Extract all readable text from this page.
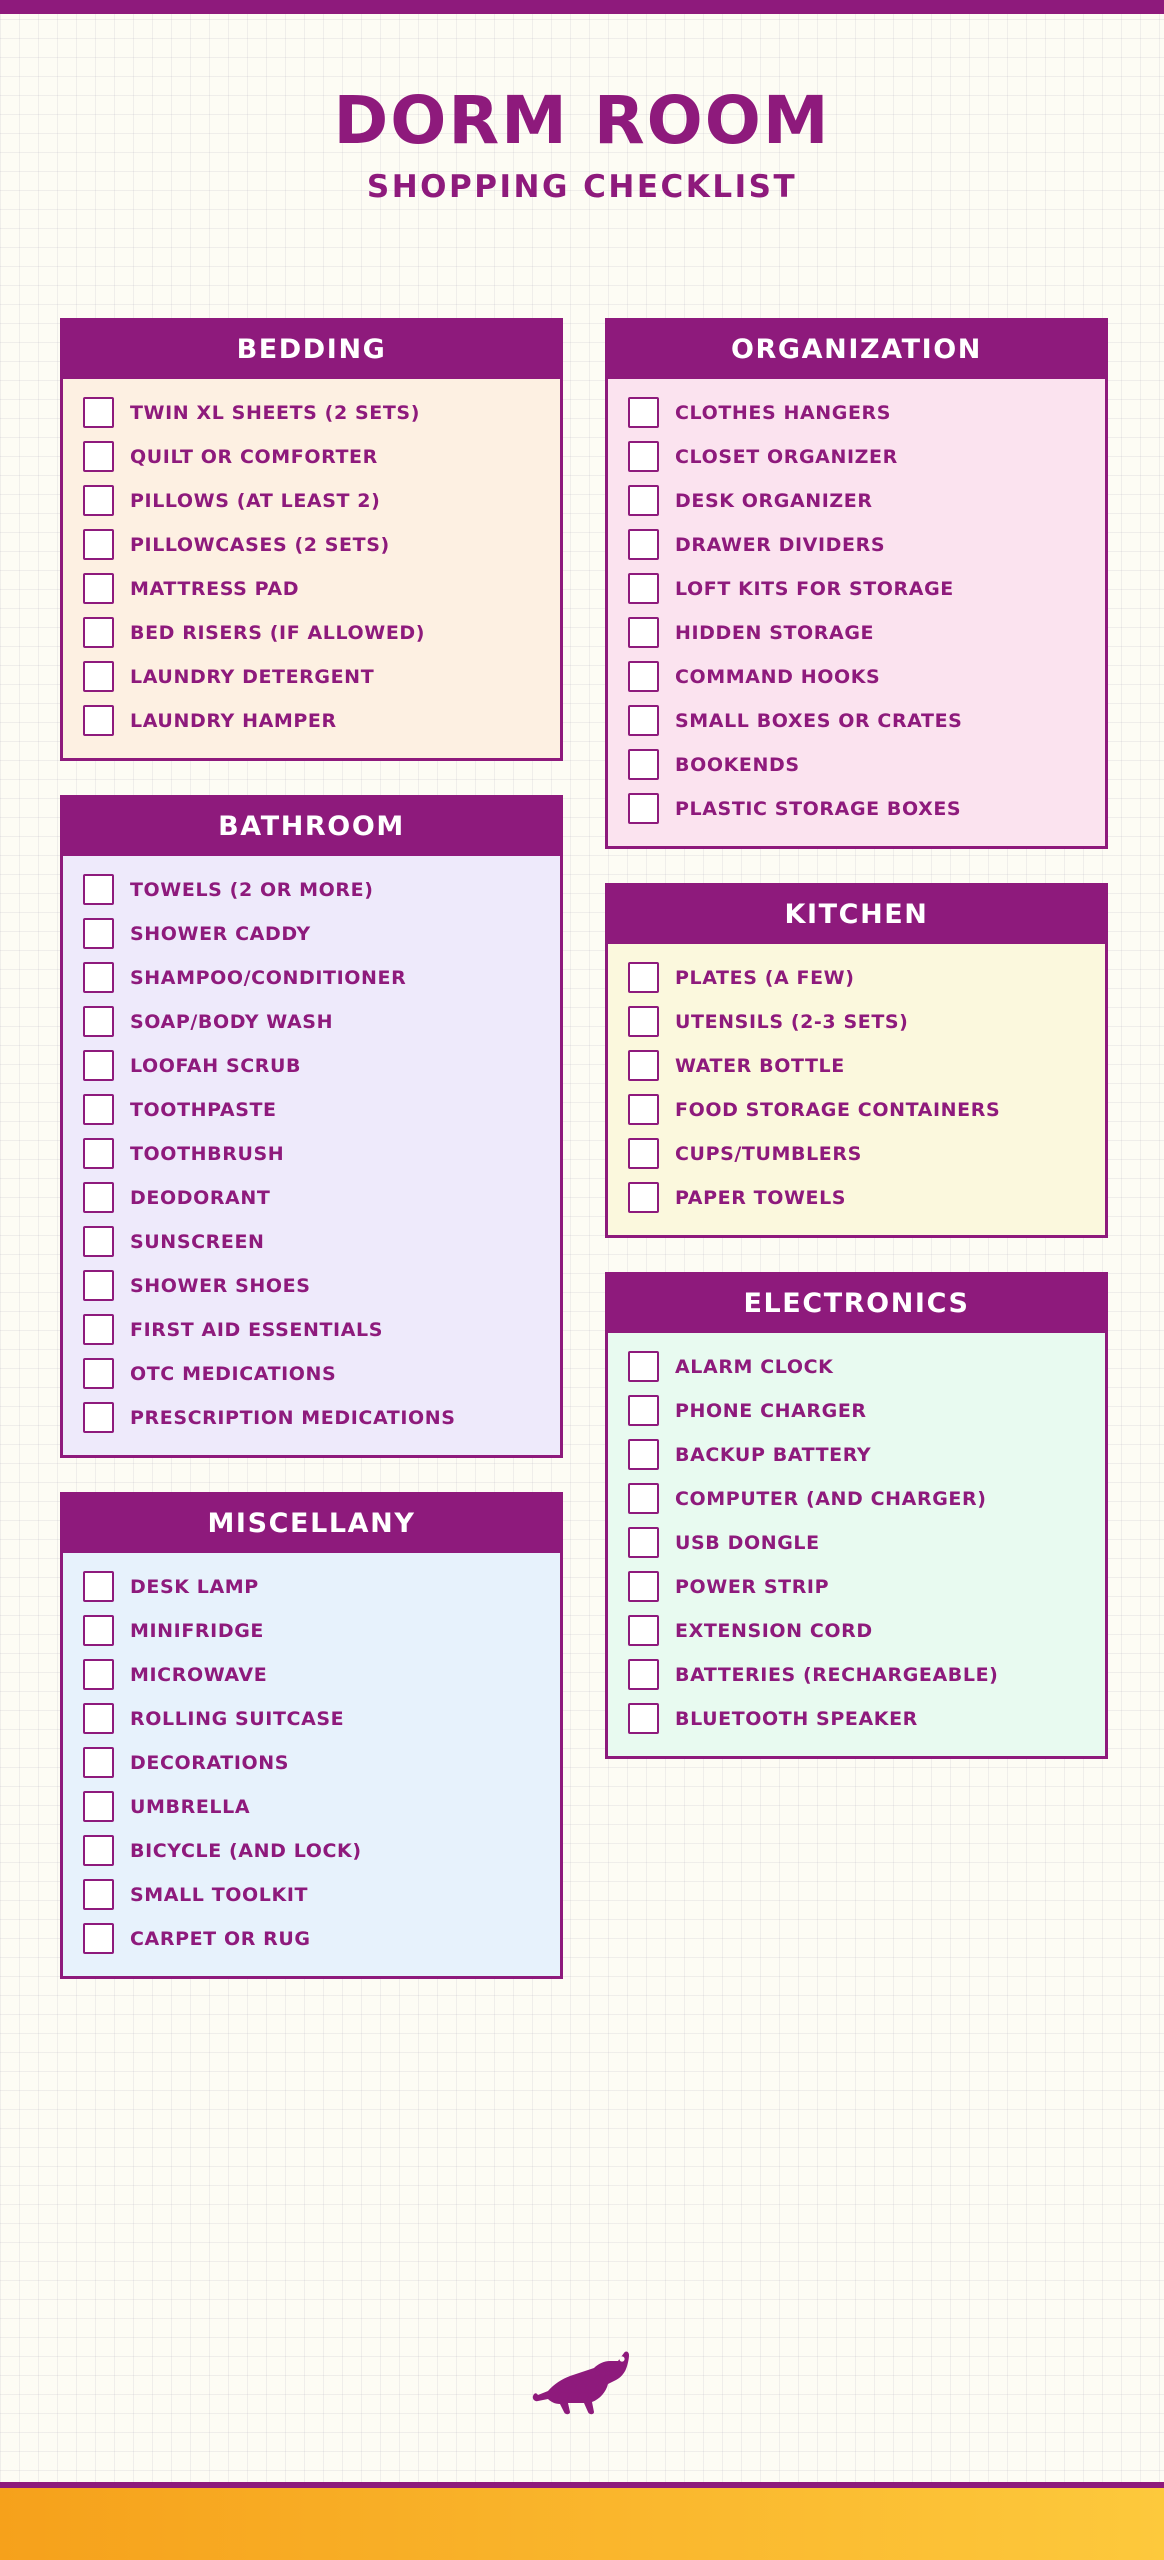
DORM ROOM
SHOPPING CHECKLIST
BEDDING
TWIN XL SHEETS (2 SETS)
QUILT OR COMFORTER
PILLOWS (AT LEAST 2)
PILLOWCASES (2 SETS)
MATTRESS PAD
BED RISERS (IF ALLOWED)
LAUNDRY DETERGENT
LAUNDRY HAMPER
BATHROOM
TOWELS (2 OR MORE)
SHOWER CADDY
SHAMPOO/CONDITIONER
SOAP/BODY WASH
LOOFAH SCRUB
TOOTHPASTE
TOOTHBRUSH
DEODORANT
SUNSCREEN
SHOWER SHOES
FIRST AID ESSENTIALS
OTC MEDICATIONS
PRESCRIPTION MEDICATIONS
MISCELLANY
DESK LAMP
MINIFRIDGE
MICROWAVE
ROLLING SUITCASE
DECORATIONS
UMBRELLA
BICYCLE (AND LOCK)
SMALL TOOLKIT
CARPET OR RUG
ORGANIZATION
CLOTHES HANGERS
CLOSET ORGANIZER
DESK ORGANIZER
DRAWER DIVIDERS
LOFT KITS FOR STORAGE
HIDDEN STORAGE
COMMAND HOOKS
SMALL BOXES OR CRATES
BOOKENDS
PLASTIC STORAGE BOXES
KITCHEN
PLATES (A FEW)
UTENSILS (2-3 SETS)
WATER BOTTLE
FOOD STORAGE CONTAINERS
CUPS/TUMBLERS
PAPER TOWELS
ELECTRONICS
ALARM CLOCK
PHONE CHARGER
BACKUP BATTERY
COMPUTER (AND CHARGER)
USB DONGLE
POWER STRIP
EXTENSION CORD
BATTERIES (RECHARGEABLE)
BLUETOOTH SPEAKER
